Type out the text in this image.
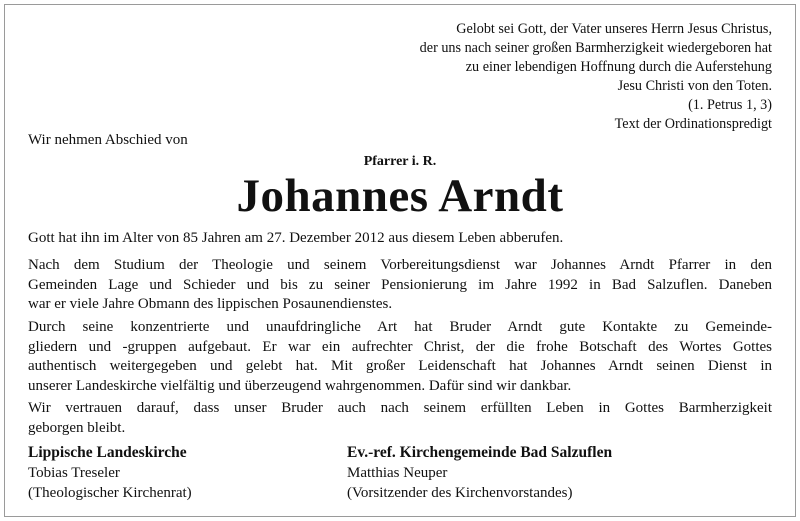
Gelobt sei Gott, der Vater unseres Herrn Jesus Christus,
der uns nach seiner großen Barmherzigkeit wiedergeboren hat
zu einer lebendigen Hoffnung durch die Auferstehung
Jesu Christi von den Toten.
(1. Petrus 1, 3)
Text der Ordinationspredigt
Wir nehmen Abschied von
Pfarrer i. R.
Johannes Arndt
Gott hat ihn im Alter von 85 Jahren am 27. Dezember 2012 aus diesem Leben abberufen.
Nach dem Studium der Theologie und seinem Vorbereitungsdienst war Johannes Arndt Pfarrer in den
Gemeinden Lage und Schieder und bis zu seiner Pensionierung im Jahre 1992 in Bad Salzuflen. Daneben
war er viele Jahre Obmann des lippischen Posaunendienstes.
Durch seine konzentrierte und unaufdringliche Art hat Bruder Arndt gute Kontakte zu Gemeinde-
gliedern und -gruppen aufgebaut. Er war ein aufrechter Christ, der die frohe Botschaft des Wortes Gottes
authentisch weitergegeben und gelebt hat. Mit großer Leidenschaft hat Johannes Arndt seinen Dienst in
unserer Landeskirche vielfältig und überzeugend wahrgenommen. Dafür sind wir dankbar.
Wir vertrauen darauf, dass unser Bruder auch nach seinem erfüllten Leben in Gottes Barmherzigkeit
geborgen bleibt.
Lippische Landeskirche
Tobias Treseler
(Theologischer Kirchenrat)
Ev.-ref. Kirchengemeinde Bad Salzuflen
Matthias Neuper
(Vorsitzender des Kirchenvorstandes)
